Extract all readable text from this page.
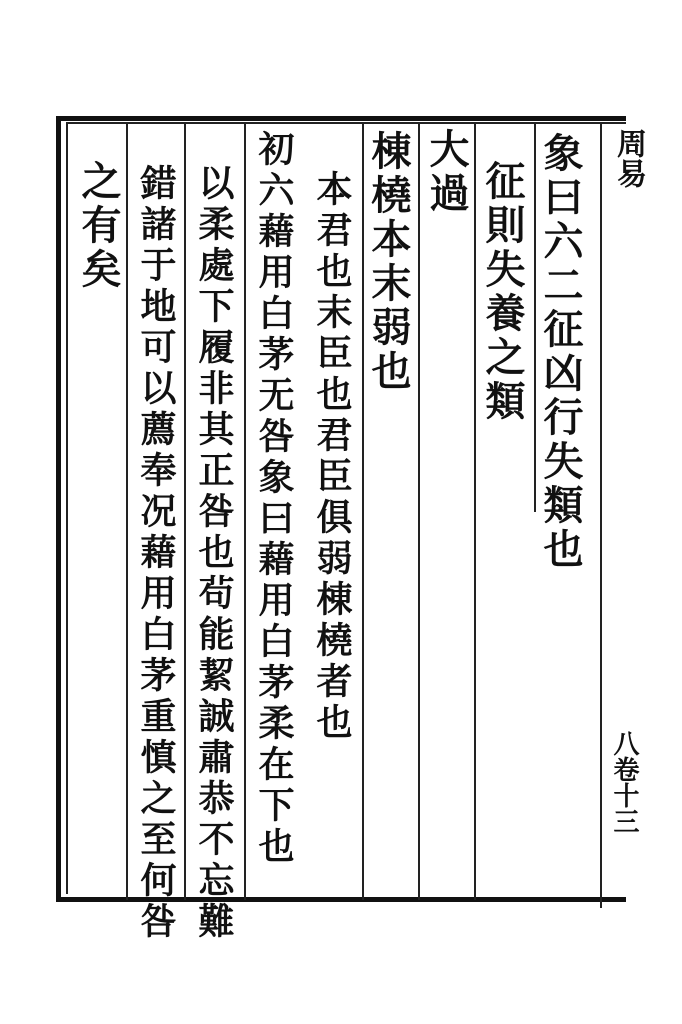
象曰六二征凶行失類也
征則失養之類
大過
棟橈本末弱也
本君也末臣也君臣俱弱棟橈者也
初六藉用白茅无咎象曰藉用白茅柔在下也
以柔處下履非其正咎也茍能絜誠肅恭不忘難
錯諸于地可以薦奉况藉用白茅重慎之至何咎
之有矣
周易
八卷十三
